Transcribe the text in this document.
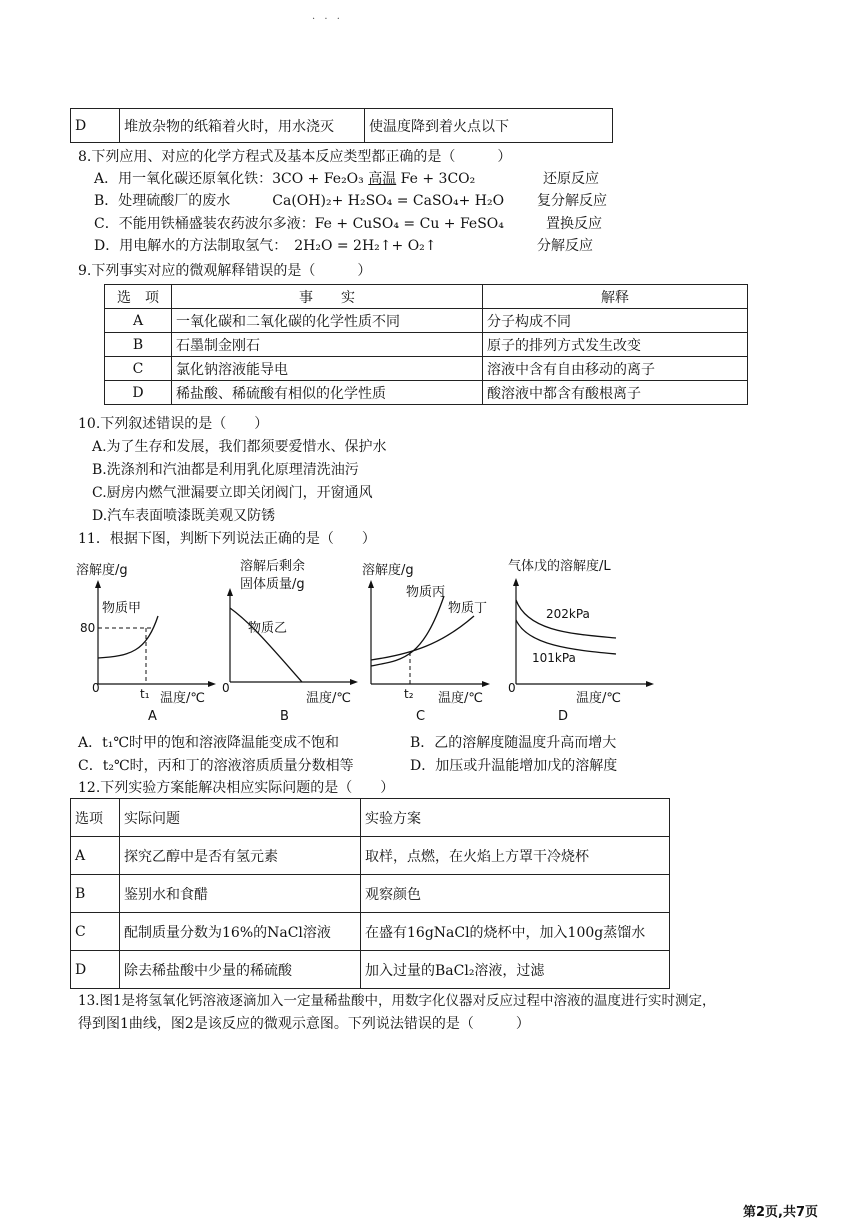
· · ·
D	堆放杂物的纸箱着火时，用水浇灭	使温度降到着火点以下
8.下列应用、对应的化学方程式及基本反应类型都正确的是（　　　）
A．用一氧化碳还原氧化铁：3CO + Fe₂O₃ 高温 Fe + 3CO₂	还原反应
B．处理硫酸厂的废水　　　Ca(OH)₂+ H₂SO₄ = CaSO₄+ H₂O 复分解反应
C．不能用铁桶盛装农药波尔多液：Fe + CuSO₄ = Cu + FeSO₄	置换反应
D．用电解水的方法制取氢气：　2H₂O = 2H₂↑+ O₂↑	分解反应
9.下列事实对应的微观解释错误的是（　　　）
选　项	事　　实	解释
A	一氧化碳和二氧化碳的化学性质不同	分子构成不同
B	石墨制金刚石	原子的排列方式发生改变
C	氯化钠溶液能导电	溶液中含有自由移动的离子
D	稀盐酸、稀硫酸有相似的化学性质	酸溶液中都含有酸根离子
10.下列叙述错误的是（　　）
A.为了生存和发展，我们都须要爱惜水、保护水
B.洗涤剂和汽油都是利用乳化原理清洗油污
C.厨房内燃气泄漏要立即关闭阀门，开窗通风
D.汽车表面喷漆既美观又防锈
11．根据下图，判断下列说法正确的是（　　）
溶解度/g
物质甲
80
0	t₁ 温度/℃
A
溶解后剩余
固体质量/g
物质乙
0
温度/℃
B
溶解度/g
物质丙
物质丁
t₂ 温度/℃
C
气体戊的溶解度/L
202kPa
101kPa
0
温度/℃
D
A．t₁℃时甲的饱和溶液降温能变成不饱和	B．乙的溶解度随温度升高而增大
C．t₂℃时，丙和丁的溶液溶质质量分数相等	D．加压或升温能增加戊的溶解度
12.下列实验方案能解决相应实际问题的是（　　）
选项	实际问题	实验方案
A	探究乙醇中是否有氢元素	取样，点燃，在火焰上方罩干冷烧杯
B	鉴别水和食醋	观察颜色
C	配制质量分数为16%的NaCl溶液	在盛有16gNaCl的烧杯中，加入100g蒸馏水
D	除去稀盐酸中少量的稀硫酸	加入过量的BaCl₂溶液，过滤
13.图1是将氢氧化钙溶液逐滴加入一定量稀盐酸中，用数字化仪器对反应过程中溶液的温度进行实时测定，
得到图1曲线，图2是该反应的微观示意图。下列说法错误的是（　　　）
第2页,共7页
